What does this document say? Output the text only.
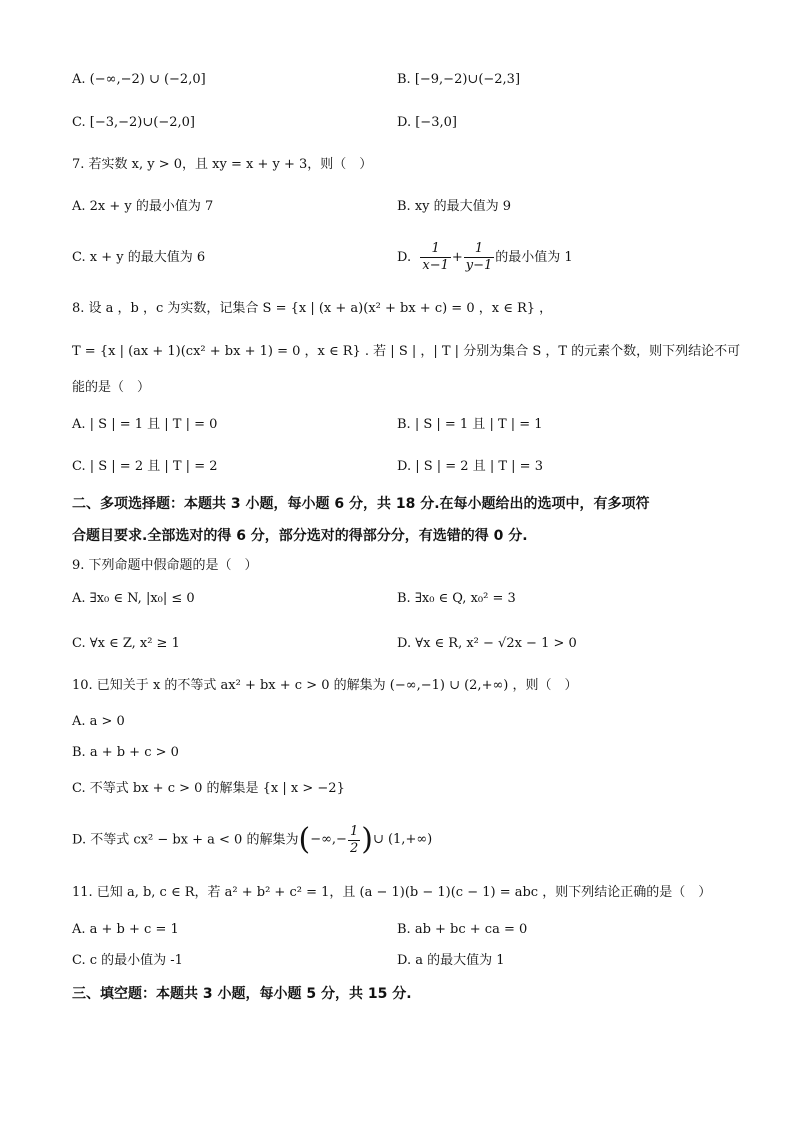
A. (−∞,−2) ∪ (−2,0]	B. [−9,−2)∪(−2,3]
C. [−3,−2)∪(−2,0]	D. [−3,0]
7. 若实数 x, y > 0，且 xy = x + y + 3，则（　）
A. 2x + y 的最小值为 7	B. xy 的最大值为 9
C. x + y 的最大值为 6	D. $\frac{1}{x-1} + \frac{1}{y-1}$ 的最小值为 1
8. 设 a ，b ，c 为实数，记集合 S = {x | (x + a)(x² + bx + c) = 0 ，x ∈ R} ，
T = {x | (ax + 1)(cx² + bx + 1) = 0 ，x ∈ R} . 若 | S | ，| T | 分别为集合 S ，T 的元素个数，则下列结论不可
能的是（　）
A. | S | = 1 且 | T | = 0	B. | S | = 1 且 | T | = 1
C. | S | = 2 且 | T | = 2	D. | S | = 2 且 | T | = 3
二、多项选择题：本题共 3 小题，每小题 6 分，共 18 分.在每小题给出的选项中，有多项符
合题目要求.全部选对的得 6 分，部分选对的得部分分，有选错的得 0 分.
9. 下列命题中假命题的是（　）
A. ∃x₀ ∈ N, |x₀| ≤ 0	B. ∃x₀ ∈ Q, x₀² = 3
C. ∀x ∈ Z, x² ≥ 1	D. ∀x ∈ R, x² − √2x − 1 > 0
10. 已知关于 x 的不等式 ax² + bx + c > 0 的解集为 (−∞,−1) ∪ (2,+∞) ，则（　）
A. a > 0
B. a + b + c > 0
C. 不等式 bx + c > 0 的解集是 {x | x > −2}
D. 不等式 cx² − bx + a < 0 的解集为(−∞,− $\frac{1}{2}$ )∪ (1,+∞)
11. 已知 a, b, c ∈ R，若 a² + b² + c² = 1，且 (a − 1)(b − 1)(c − 1) = abc ，则下列结论正确的是（　）
A. a + b + c = 1	B. ab + bc + ca = 0
C. c 的最小值为 -1	D. a 的最大值为 1
三、填空题：本题共 3 小题，每小题 5 分，共 15 分.
